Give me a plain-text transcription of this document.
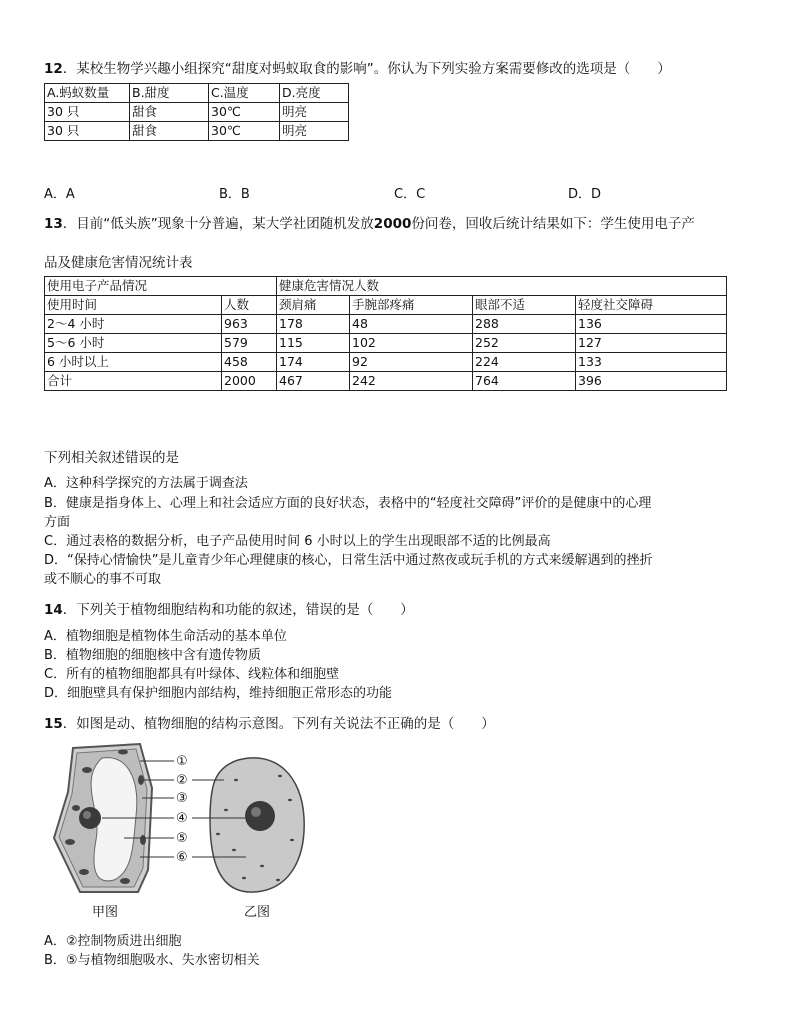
12．某校生物学兴趣小组探究“甜度对蚂蚁取食的影响”。你认为下列实验方案需要修改的选项是（　　）
A.蚂蚁数量	B.甜度	C.温度	D.亮度
30 只	甜食	30℃	明亮
30 只	甜食	30℃	明亮
A．A	B．B	C．C	D．D
13．目前“低头族”现象十分普遍，某大学社团随机发放2000份问卷，回收后统计结果如下：学生使用电子产
品及健康危害情况统计表
使用电子产品情况		健康危害情况人数			
使用时间	人数	颈肩痛	手腕部疼痛	眼部不适	轻度社交障碍
2～4 小时	963	178	48	288	136
5～6 小时	579	115	102	252	127
6 小时以上	458	174	92	224	133
合计	2000	467	242	764	396
下列相关叙述错误的是
A．这种科学探究的方法属于调查法
B．健康是指身体上、心理上和社会适应方面的良好状态，表格中的“轻度社交障碍”评价的是健康中的心理
方面
C．通过表格的数据分析，电子产品使用时间 6 小时以上的学生出现眼部不适的比例最高
D．“保持心情愉快”是儿童青少年心理健康的核心，日常生活中通过熬夜或玩手机的方式来缓解遇到的挫折
或不顺心的事不可取
14．下列关于植物细胞结构和功能的叙述，错误的是（　　）
A．植物细胞是植物体生命活动的基本单位
B．植物细胞的细胞核中含有遗传物质
C．所有的植物细胞都具有叶绿体、线粒体和细胞壁
D．细胞壁具有保护细胞内部结构，维持细胞正常形态的功能
15．如图是动、植物细胞的结构示意图。下列有关说法不正确的是（　　）
①
②
③
④
⑤
⑥
甲图	乙图
A．②控制物质进出细胞
B．⑤与植物细胞吸水、失水密切相关
